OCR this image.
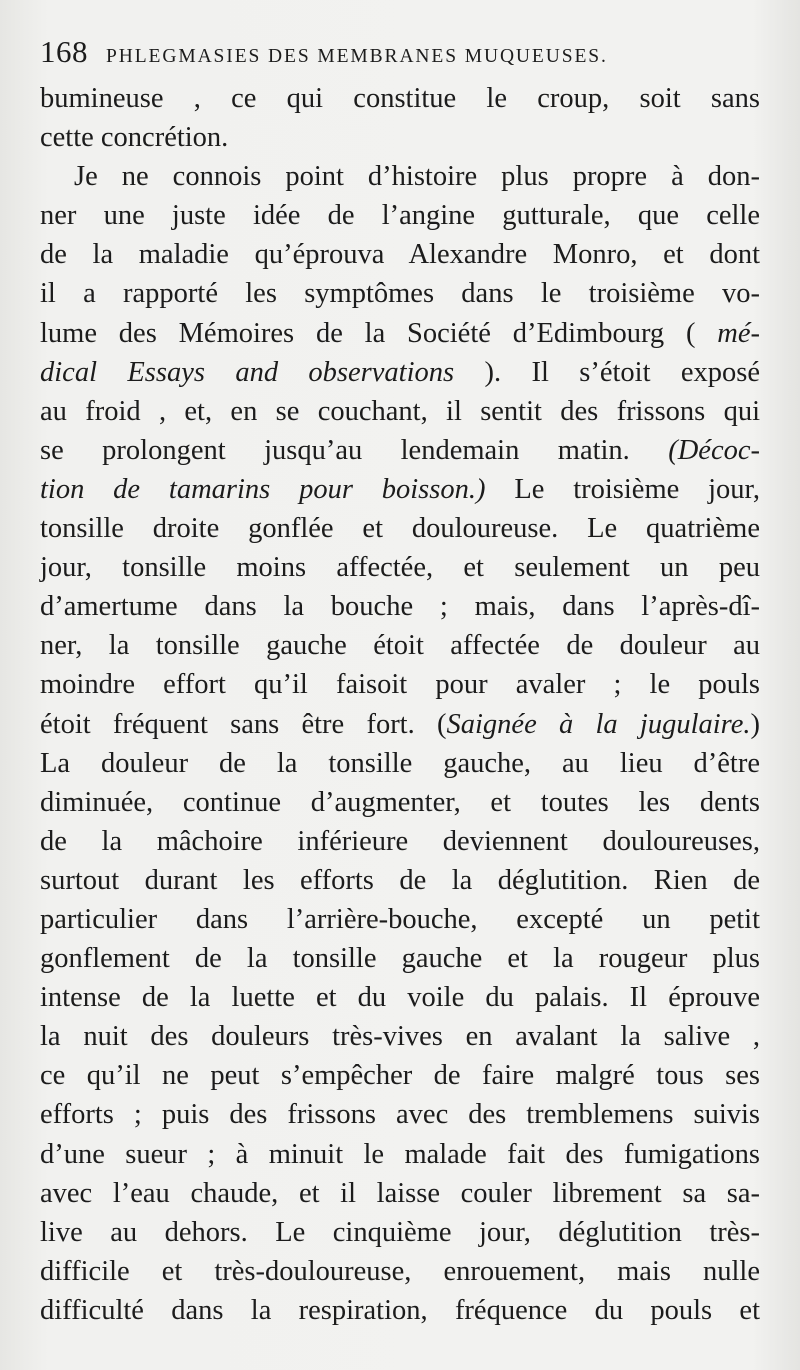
168 PHLEGMASIES DES MEMBRANES MUQUEUSES.
bumineuse , ce qui constitue le croup, soit sans
cette concrétion.
Je ne connois point d’histoire plus propre à don-
ner une juste idée de l’angine gutturale, que celle
de la maladie qu’éprouva Alexandre Monro, et dont
il a rapporté les symptômes dans le troisième vo-
lume des Mémoires de la Société d’Edimbourg ( mé-
dical Essays and observations ). Il s’étoit exposé
au froid , et, en se couchant, il sentit des frissons qui
se prolongent jusqu’au lendemain matin. (Décoc-
tion de tamarins pour boisson.) Le troisième jour,
tonsille droite gonflée et douloureuse. Le quatrième
jour, tonsille moins affectée, et seulement un peu
d’amertume dans la bouche ; mais, dans l’après-dî-
ner, la tonsille gauche étoit affectée de douleur au
moindre effort qu’il faisoit pour avaler ; le pouls
étoit fréquent sans être fort. (Saignée à la jugulaire.)
La douleur de la tonsille gauche, au lieu d’être
diminuée, continue d’augmenter, et toutes les dents
de la mâchoire inférieure deviennent douloureuses,
surtout durant les efforts de la déglutition. Rien de
particulier dans l’arrière-bouche, excepté un petit
gonflement de la tonsille gauche et la rougeur plus
intense de la luette et du voile du palais. Il éprouve
la nuit des douleurs très-vives en avalant la salive ,
ce qu’il ne peut s’empêcher de faire malgré tous ses
efforts ; puis des frissons avec des tremblemens suivis
d’une sueur ; à minuit le malade fait des fumigations
avec l’eau chaude, et il laisse couler librement sa sa-
live au dehors. Le cinquième jour, déglutition très-
difficile et très-douloureuse, enrouement, mais nulle
difficulté dans la respiration, fréquence du pouls et
